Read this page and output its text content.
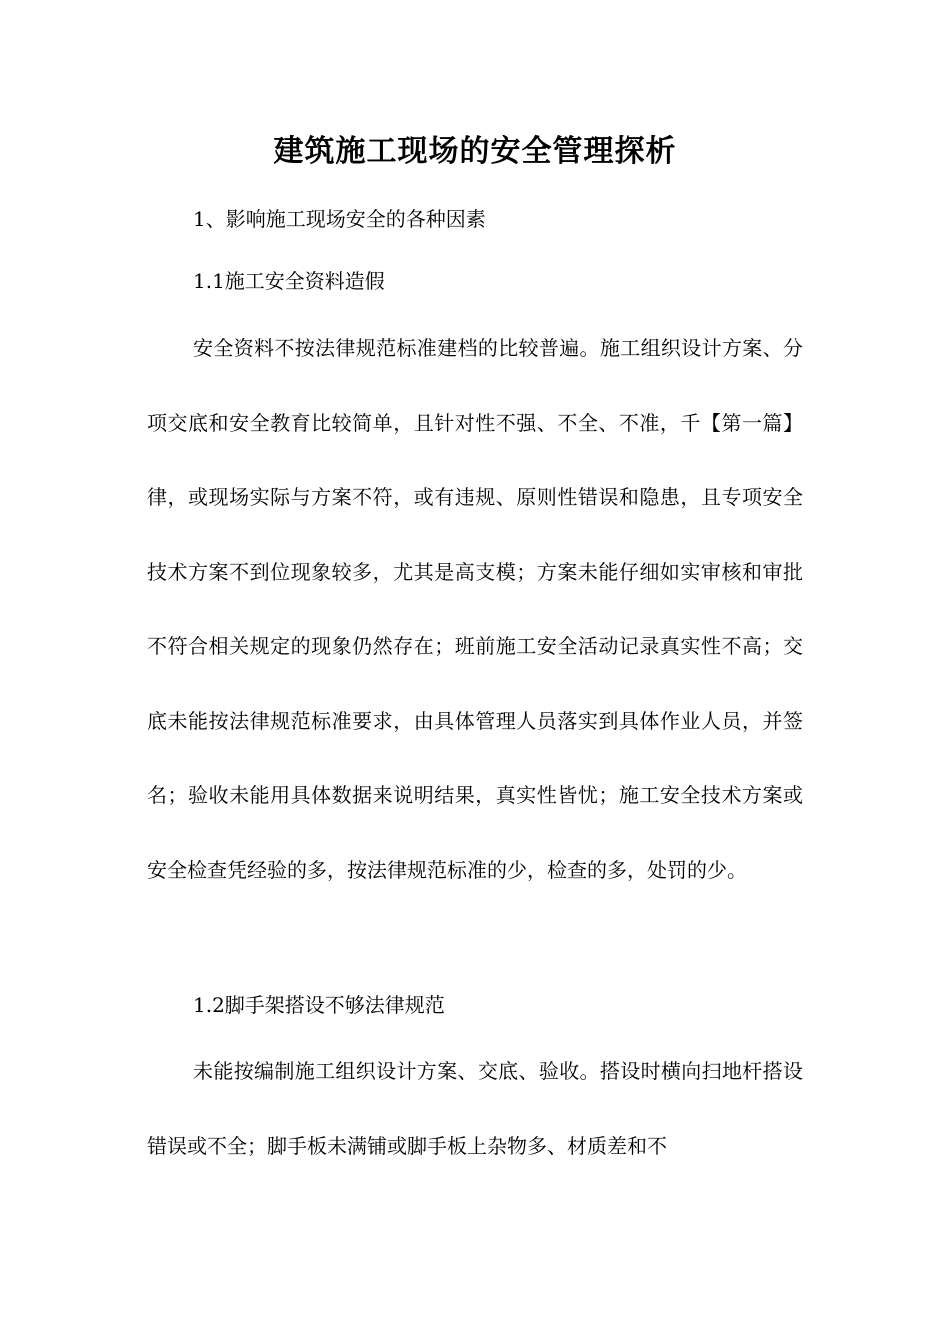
建筑施工现场的安全管理探析

1、影响施工现场安全的各种因素

1.1施工安全资料造假

安全资料不按法律规范标准建档的比较普遍。施工组织设计方案、分项交底和安全教育比较简单，且针对性不强、不全、不准，千【第一篇】律，或现场实际与方案不符，或有违规、原则性错误和隐患，且专项安全技术方案不到位现象较多，尤其是高支模；方案未能仔细如实审核和审批不符合相关规定的现象仍然存在；班前施工安全活动记录真实性不高；交底未能按法律规范标准要求，由具体管理人员落实到具体作业人员，并签名；验收未能用具体数据来说明结果，真实性皆忧；施工安全技术方案或安全检查凭经验的多，按法律规范标准的少，检查的多，处罚的少。

1.2脚手架搭设不够法律规范

未能按编制施工组织设计方案、交底、验收。搭设时横向扫地杆搭设错误或不全；脚手板未满铺或脚手板上杂物多、材质差和不
